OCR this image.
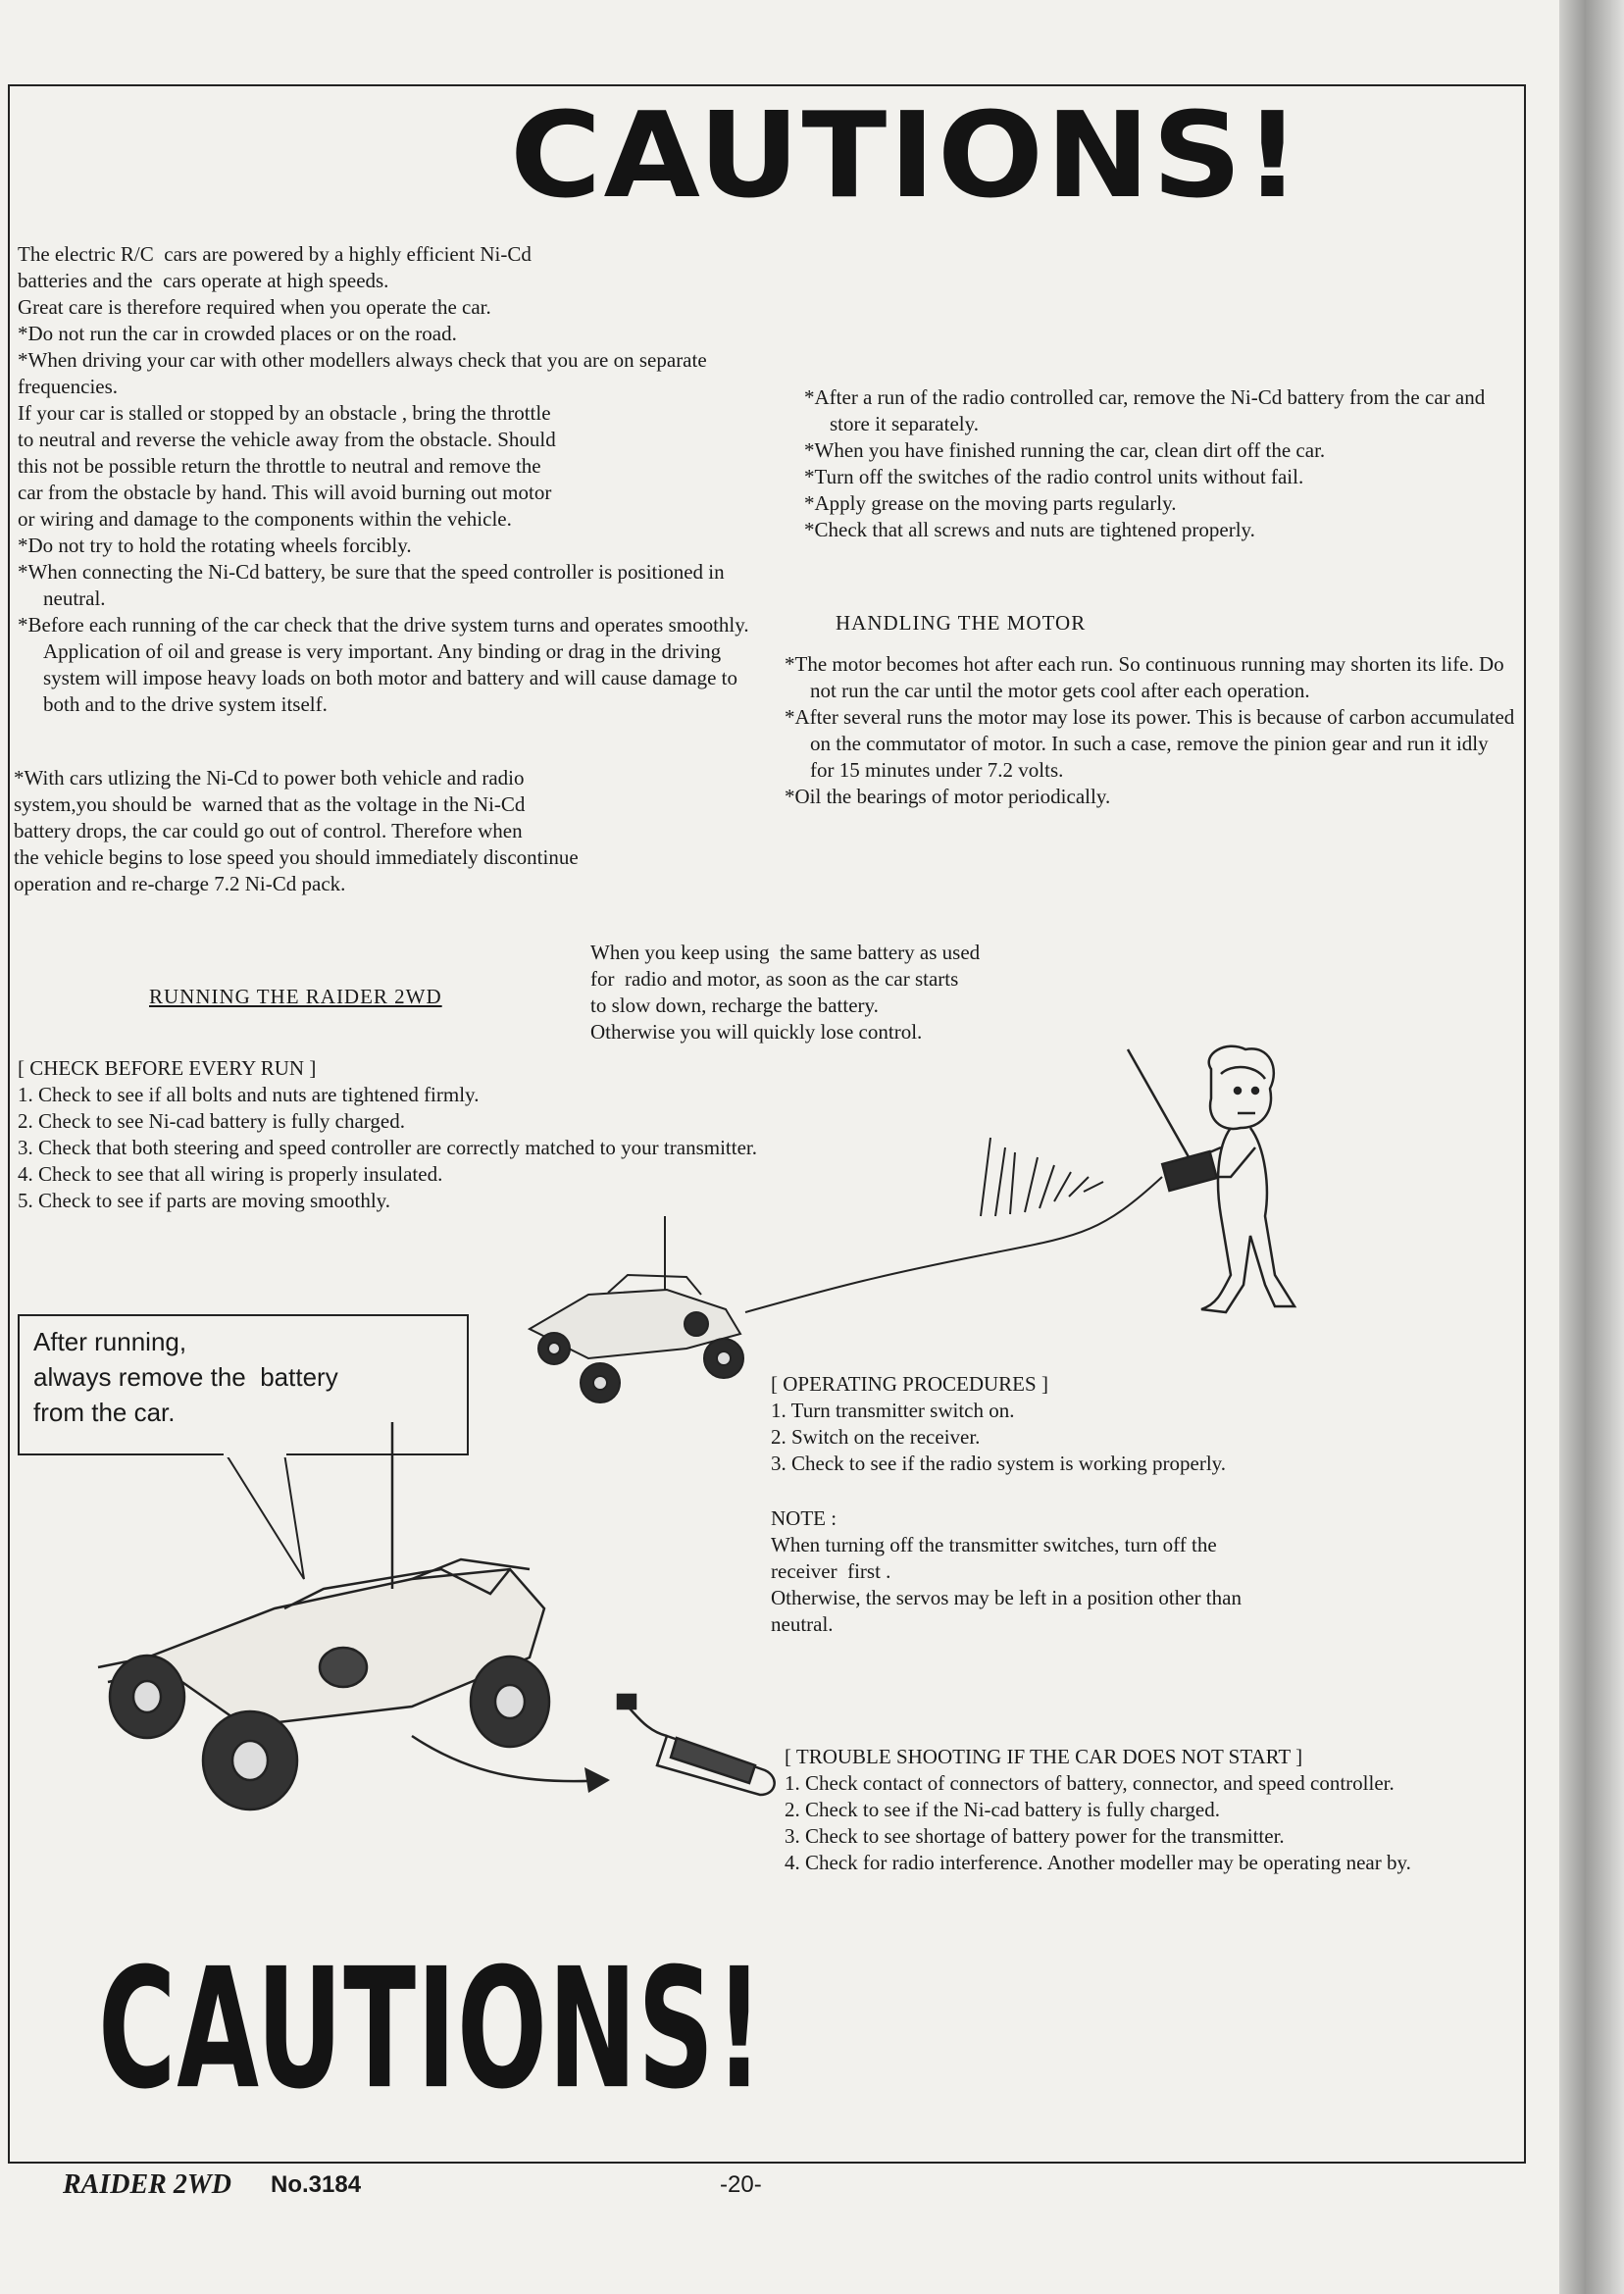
CAUTIONS!
The electric R/C  cars are powered by a highly efficient Ni-Cd
batteries and the  cars operate at high speeds.
Great care is therefore required when you operate the car.
*Do not run the car in crowded places or on the road.
*When driving your car with other modellers always check that you are on separate frequencies.
If your car is stalled or stopped by an obstacle , bring the throttle
to neutral and reverse the vehicle away from the obstacle. Should
this not be possible return the throttle to neutral and remove the
car from the obstacle by hand. This will avoid burning out motor
or wiring and damage to the components within the vehicle.
*Do not try to hold the rotating wheels forcibly.
*When connecting the Ni-Cd battery, be sure that the speed controller is positioned in neutral.
*Before each running of the car check that the drive system turns and operates smoothly. Application of oil and grease is very important. Any binding or drag in the driving system will impose heavy loads on both motor and battery and will cause damage to both and to the drive system itself.
*With cars utlizing the Ni-Cd to power both vehicle and radio
system,you should be  warned that as the voltage in the Ni-Cd
battery drops, the car could go out of control. Therefore when
the vehicle begins to lose speed you should immediately discontinue
operation and re-charge 7.2 Ni-Cd pack.
*After a run of the radio controlled car, remove the Ni-Cd battery from the car and store it separately.
*When you have finished running the car, clean dirt off the car.
*Turn off the switches of the radio control units without fail.
*Apply grease on the moving parts regularly.
*Check that all screws and nuts are tightened properly.
HANDLING THE MOTOR
*The motor becomes hot after each run. So continuous running may shorten its life. Do not run the car until the motor gets cool after each operation.
*After several runs the motor may lose its power. This is because of carbon accumulated on the commutator of motor. In such a case, remove the pinion gear and run it idly for 15 minutes under 7.2 volts.
*Oil the bearings of motor periodically.
When you keep using  the same battery as used
for  radio and motor, as soon as the car starts
to slow down, recharge the battery.
Otherwise you will quickly lose control.
RUNNING THE RAIDER 2WD
[ CHECK BEFORE EVERY RUN ]
1. Check to see if all bolts and nuts are tightened firmly.
2. Check to see Ni-cad battery is fully charged.
3. Check that both steering and speed controller are correctly matched to your transmitter.
4. Check to see that all wiring is properly insulated.
5. Check to see if parts are moving smoothly.
After running,
always remove the  battery
from the car.
[ OPERATING PROCEDURES ]
1. Turn transmitter switch on.
2. Switch on the receiver.
3. Check to see if the radio system is working properly.
NOTE :
When turning off the transmitter switches, turn off the
receiver  first .
Otherwise, the servos may be left in a position other than
neutral.
[ TROUBLE SHOOTING IF THE CAR DOES NOT START ]
1. Check contact of connectors of battery, connector, and speed controller.
2. Check to see if the Ni-cad battery is fully charged.
3. Check to see shortage of battery power for the transmitter.
4. Check for radio interference. Another modeller may be operating near by.
CAUTIONS!
RAIDER 2WD No.3184	-20-
